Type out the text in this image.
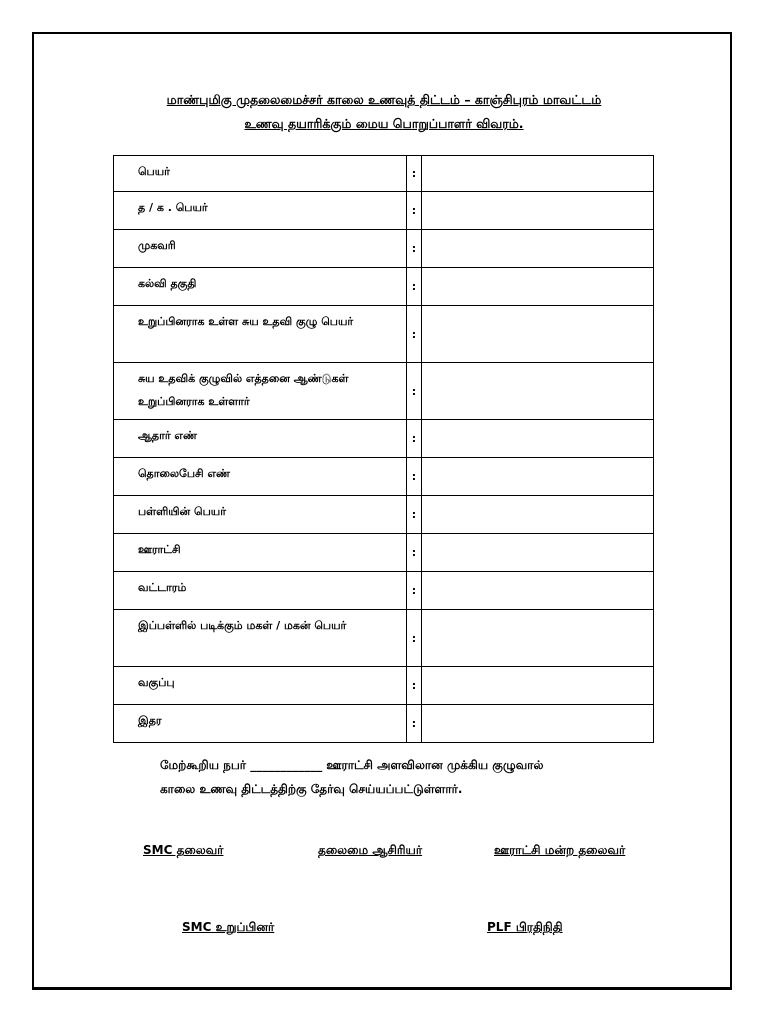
மாண்புமிகு முதலைமைச்சர் காலை உணவுத் திட்டம் – காஞ்சிபுரம் மாவட்டம்
உணவு தயாரிக்கும் மைய பொறுப்பாளர் விவரம்.
பெயர்	:	

த / க . பெயர்	:	

முகவரி	:	

கல்வி தகுதி	:	

உறுப்பினராக உள்ள சுய உதவி குழு பெயர்	:	

சுய உதவிக் குழுவில் எத்தனை ஆண்டுகள் உறுப்பினராக உள்ளார்	:	

ஆதார் எண்	:	

தொலைபேசி எண்	:	

பள்ளியின் பெயர்	:	

ஊராட்சி	:	

வட்டாரம்	:	

இப்பள்ளில் படிக்கும் மகள் / மகன் பெயர்	:	

வகுப்பு	:	

இதர	:	
மேற்கூறிய நபர் ____________ ஊராட்சி அளவிலான முக்கிய குழுவால்
காலை உணவு திட்டத்திற்கு தேர்வு செய்யப்பட்டுள்ளார்.
SMC தலைவர்	தலைமை ஆசிரியர்	ஊராட்சி மன்ற தலைவர்
SMC உறுப்பினர்	PLF பிரதிநிதி
